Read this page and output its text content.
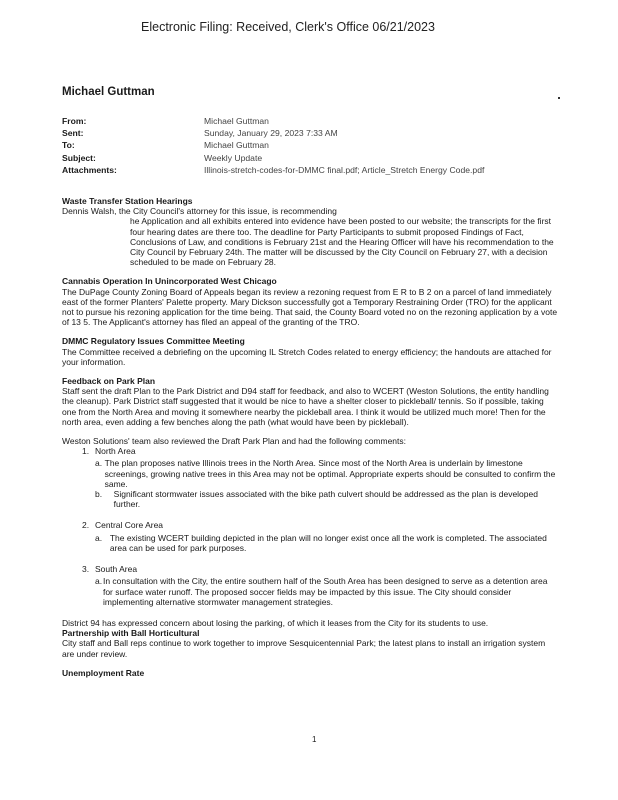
Electronic Filing: Received, Clerk's Office 06/21/2023
Michael Guttman
From:	Michael Guttman
Sent:	Sunday, January 29, 2023 7:33 AM
To:	Michael Guttman
Subject:	Weekly Update
Attachments:	Illinois-stretch-codes-for-DMMC final.pdf; Article_Stretch Energy Code.pdf
Waste Transfer Station Hearings

Dennis Walsh, the City Council's attorney for this issue, is recommending

he Application and all exhibits entered into evidence have been posted to our website; the transcripts for the first four hearing dates are there too. The deadline for Party Participants to submit proposed Findings of Fact, Conclusions of Law, and conditions is February 21st and the Hearing Officer will have his recommendation to the City Council by February 24th. The matter will be discussed by the City Council on February 27, with a decision scheduled to be made on February 28.

Cannabis Operation In Unincorporated West Chicago

The DuPage County Zoning Board of Appeals began its review a rezoning request from E R to B 2 on a parcel of land immediately east of the former Planters' Palette property. Mary Dickson successfully got a Temporary Restraining Order (TRO) for the applicant not to pursue his rezoning application for the time being. That said, the County Board voted no on the rezoning application by a vote of 13 5. The Applicant's attorney has filed an appeal of the granting of the TRO.

DMMC Regulatory Issues Committee Meeting

The Committee received a debriefing on the upcoming IL Stretch Codes related to energy efficiency; the handouts are attached for your information.

Feedback on Park Plan

Staff sent the draft Plan to the Park District and D94 staff for feedback, and also to WCERT (Weston Solutions, the entity handling the cleanup). Park District staff suggested that it would be nice to have a shelter closer to pickleball/ tennis. So if possible, taking one from the North Area and moving it somewhere nearby the pickleball area. I think it would be utilized much more! Then for the north area, even adding a few benches along the path (what would have been by pickleball).

Weston Solutions' team also reviewed the Draft Park Plan and had the following comments:

1. North Area
a. The plan proposes native Illinois trees in the North Area. Since most of the North Area is underlain by limestone screenings, growing native trees in this Area may not be optimal. Appropriate experts should be consulted to confirm the same.
b.	Significant stormwater issues associated with the bike path culvert should be addressed as the plan is developed further.
2. Central Core Area
a. The existing WCERT building depicted in the plan will no longer exist once all the work is completed. The associated area can be used for park purposes.
3. South Area
a. In consultation with the City, the entire southern half of the South Area has been designed to serve as a detention area for surface water runoff. The proposed soccer fields may be impacted by this issue. The City should consider implementing alternative stormwater management strategies.

District 94 has expressed concern about losing the parking, of which it leases from the City for its students to use.

Partnership with Ball Horticultural

City staff and Ball reps continue to work together to improve Sesquicentennial Park; the latest plans to install an irrigation system are under review.

Unemployment Rate
1
